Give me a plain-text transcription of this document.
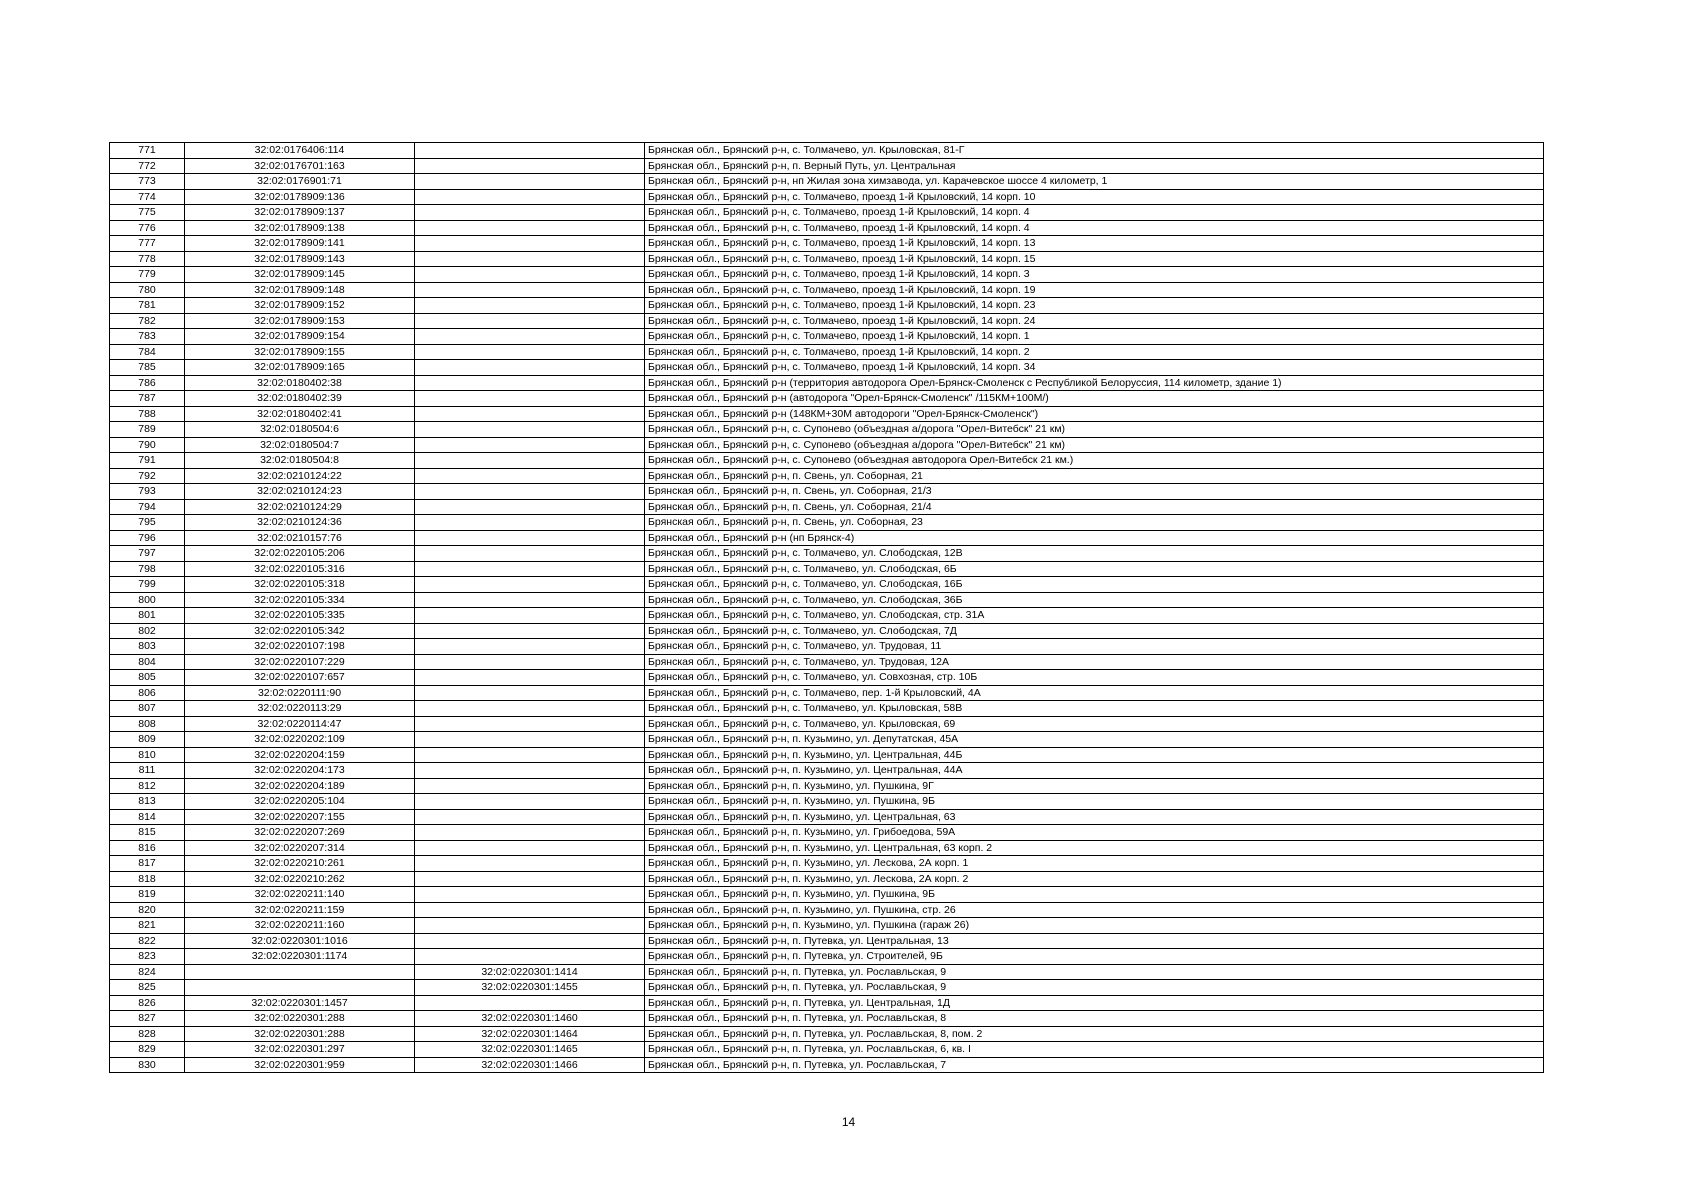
771	32:02:0176406:114		Брянская обл., Брянский р-н, с. Толмачево, ул. Крыловская, 81-Г
772	32:02:0176701:163		Брянская обл., Брянский р-н, п. Верный Путь, ул. Центральная
773	32:02:0176901:71		Брянская обл., Брянский р-н, нп Жилая зона химзавода, ул. Карачевское шоссе 4 километр, 1
774	32:02:0178909:136		Брянская обл., Брянский р-н, с. Толмачево, проезд 1-й Крыловский, 14 корп. 10
775	32:02:0178909:137		Брянская обл., Брянский р-н, с. Толмачево, проезд 1-й Крыловский, 14 корп. 4
776	32:02:0178909:138		Брянская обл., Брянский р-н, с. Толмачево, проезд 1-й Крыловский, 14 корп. 4
777	32:02:0178909:141		Брянская обл., Брянский р-н, с. Толмачево, проезд 1-й Крыловский, 14 корп. 13
778	32:02:0178909:143		Брянская обл., Брянский р-н, с. Толмачево, проезд 1-й Крыловский, 14 корп. 15
779	32:02:0178909:145		Брянская обл., Брянский р-н, с. Толмачево, проезд 1-й Крыловский, 14 корп. 3
780	32:02:0178909:148		Брянская обл., Брянский р-н, с. Толмачево, проезд 1-й Крыловский, 14 корп. 19
781	32:02:0178909:152		Брянская обл., Брянский р-н, с. Толмачево, проезд 1-й Крыловский, 14 корп. 23
782	32:02:0178909:153		Брянская обл., Брянский р-н, с. Толмачево, проезд 1-й Крыловский, 14 корп. 24
783	32:02:0178909:154		Брянская обл., Брянский р-н, с. Толмачево, проезд 1-й Крыловский, 14 корп. 1
784	32:02:0178909:155		Брянская обл., Брянский р-н, с. Толмачево, проезд 1-й Крыловский, 14 корп. 2
785	32:02:0178909:165		Брянская обл., Брянский р-н, с. Толмачево, проезд 1-й Крыловский, 14 корп. 34
786	32:02:0180402:38		Брянская обл., Брянский р-н (территория автодорога Орел-Брянск-Смоленск с Республикой Белоруссия, 114 километр, здание 1)
787	32:02:0180402:39		Брянская обл., Брянский р-н (автодорога "Орел-Брянск-Смоленск" /115КМ+100М/)
788	32:02:0180402:41		Брянская обл., Брянский р-н (148КМ+30М автодороги "Орел-Брянск-Смоленск")
789	32:02:0180504:6		Брянская обл., Брянский р-н, с. Супонево (объездная а/дорога "Орел-Витебск" 21 км)
790	32:02:0180504:7		Брянская обл., Брянский р-н, с. Супонево (объездная а/дорога "Орел-Витебск" 21 км)
791	32:02:0180504:8		Брянская обл., Брянский р-н, с. Супонево (объездная автодорога Орел-Витебск 21 км.)
792	32:02:0210124:22		Брянская обл., Брянский р-н, п. Свень, ул. Соборная, 21
793	32:02:0210124:23		Брянская обл., Брянский р-н, п. Свень, ул. Соборная, 21/3
794	32:02:0210124:29		Брянская обл., Брянский р-н, п. Свень, ул. Соборная, 21/4
795	32:02:0210124:36		Брянская обл., Брянский р-н, п. Свень, ул. Соборная, 23
796	32:02:0210157:76		Брянская обл., Брянский р-н (нп Брянск-4)
797	32:02:0220105:206		Брянская обл., Брянский р-н, с. Толмачево, ул. Слободская, 12В
798	32:02:0220105:316		Брянская обл., Брянский р-н, с. Толмачево, ул. Слободская, 6Б
799	32:02:0220105:318		Брянская обл., Брянский р-н, с. Толмачево, ул. Слободская, 16Б
800	32:02:0220105:334		Брянская обл., Брянский р-н, с. Толмачево, ул. Слободская, 36Б
801	32:02:0220105:335		Брянская обл., Брянский р-н, с. Толмачево, ул. Слободская, стр. 31А
802	32:02:0220105:342		Брянская обл., Брянский р-н, с. Толмачево, ул. Слободская, 7Д
803	32:02:0220107:198		Брянская обл., Брянский р-н, с. Толмачево, ул. Трудовая, 11
804	32:02:0220107:229		Брянская обл., Брянский р-н, с. Толмачево, ул. Трудовая, 12А
805	32:02:0220107:657		Брянская обл., Брянский р-н, с. Толмачево, ул. Совхозная, стр. 10Б
806	32:02:0220111:90		Брянская обл., Брянский р-н, с. Толмачево, пер. 1-й Крыловский, 4А
807	32:02:0220113:29		Брянская обл., Брянский р-н, с. Толмачево, ул. Крыловская, 58В
808	32:02:0220114:47		Брянская обл., Брянский р-н, с. Толмачево, ул. Крыловская, 69
809	32:02:0220202:109		Брянская обл., Брянский р-н, п. Кузьмино, ул. Депутатская, 45А
810	32:02:0220204:159		Брянская обл., Брянский р-н, п. Кузьмино, ул. Центральная, 44Б
811	32:02:0220204:173		Брянская обл., Брянский р-н, п. Кузьмино, ул. Центральная, 44А
812	32:02:0220204:189		Брянская обл., Брянский р-н, п. Кузьмино, ул. Пушкина, 9Г
813	32:02:0220205:104		Брянская обл., Брянский р-н, п. Кузьмино, ул. Пушкина, 9Б
814	32:02:0220207:155		Брянская обл., Брянский р-н, п. Кузьмино, ул. Центральная, 63
815	32:02:0220207:269		Брянская обл., Брянский р-н, п. Кузьмино, ул. Грибоедова, 59А
816	32:02:0220207:314		Брянская обл., Брянский р-н, п. Кузьмино, ул. Центральная, 63 корп. 2
817	32:02:0220210:261		Брянская обл., Брянский р-н, п. Кузьмино, ул. Лескова, 2А корп. 1
818	32:02:0220210:262		Брянская обл., Брянский р-н, п. Кузьмино, ул. Лескова, 2А корп. 2
819	32:02:0220211:140		Брянская обл., Брянский р-н, п. Кузьмино, ул. Пушкина, 9Б
820	32:02:0220211:159		Брянская обл., Брянский р-н, п. Кузьмино, ул. Пушкина, стр. 26
821	32:02:0220211:160		Брянская обл., Брянский р-н, п. Кузьмино, ул. Пушкина (гараж 26)
822	32:02:0220301:1016		Брянская обл., Брянский р-н, п. Путевка, ул. Центральная, 13
823	32:02:0220301:1174		Брянская обл., Брянский р-н, п. Путевка, ул. Строителей, 9Б
824		32:02:0220301:1414	Брянская обл., Брянский р-н, п. Путевка, ул. Рославльская, 9
825		32:02:0220301:1455	Брянская обл., Брянский р-н, п. Путевка, ул. Рославльская, 9
826	32:02:0220301:1457		Брянская обл., Брянский р-н, п. Путевка, ул. Центральная, 1Д
827	32:02:0220301:288	32:02:0220301:1460	Брянская обл., Брянский р-н, п. Путевка, ул. Рославльская, 8
828	32:02:0220301:288	32:02:0220301:1464	Брянская обл., Брянский р-н, п. Путевка, ул. Рославльская, 8, пом. 2
829	32:02:0220301:297	32:02:0220301:1465	Брянская обл., Брянский р-н, п. Путевка, ул. Рославльская, 6, кв. I
830	32:02:0220301:959	32:02:0220301:1466	Брянская обл., Брянский р-н, п. Путевка, ул. Рославльская, 7
14
